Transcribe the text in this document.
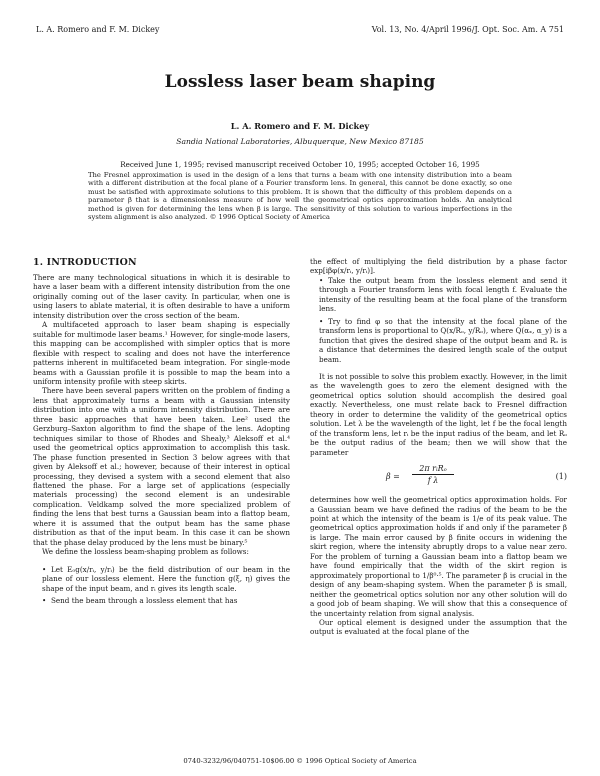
L. A. Romero and F. M. Dickey	Vol. 13, No. 4/April 1996/J. Opt. Soc. Am. A 751
Lossless laser beam shaping
L. A. Romero and F. M. Dickey
Sandia National Laboratories, Albuquerque, New Mexico 87185
Received June 1, 1995; revised manuscript received October 10, 1995; accepted October 16, 1995
The Fresnel approximation is used in the design of a lens that turns a beam with one intensity distribution into a beam with a different distribution at the focal plane of a Fourier transform lens. In general, this cannot be done exactly, so one must be satisfied with approximate solutions to this problem. It is shown that the difficulty of this problem depends on a parameter β that is a dimensionless measure of how well the geometrical optics approximation holds. An analytical method is given for determining the lens when β is large. The sensitivity of this solution to various imperfections in the system alignment is also analyzed. © 1996 Optical Society of America
1. INTRODUCTION

There are many technological situations in which it is desirable to have a laser beam with a different intensity distribution from the one originally coming out of the laser cavity. In particular, when one is using lasers to ablate material, it is often desirable to have a uniform intensity distribution over the cross section of the beam.

A multifaceted approach to laser beam shaping is especially suitable for multimode laser beams.¹ However, for single-mode lasers, this mapping can be accomplished with simpler optics that is more flexible with respect to scaling and does not have the interference patterns inherent in multifaceted beam integration. For single-mode beams with a Gaussian profile it is possible to map the beam into a uniform intensity profile with steep skirts.

There have been several papers written on the problem of finding a lens that approximately turns a beam with a Gaussian intensity distribution into one with a uniform intensity distribution. There are three basic approaches that have been taken. Lee² used the Gerzburg–Saxton algorithm to find the shape of the lens. Adopting techniques similar to those of Rhodes and Shealy,³ Aleksoff et al.⁴ used the geometrical optics approximation to accomplish this task. The phase function presented in Section 3 below agrees with that given by Aleksoff et al.; however, because of their interest in optical processing, they devised a system with a second element that also flattened the phase. For a large set of applications (especially materials processing) the second element is an undesirable complication. Veldkamp solved the more specialized problem of finding the lens that best turns a Gaussian beam into a flattop beam, where it is assumed that the output beam has the same phase distribution as that of the input beam. In this case it can be shown that the phase delay produced by the lens must be binary.⁵

We define the lossless beam-shaping problem as follows:

• Let E₀g(x/rᵢ, y/rᵢ) be the field distribution of our beam in the plane of our lossless element. Here the function g(ξ, η) gives the shape of the input beam, and rᵢ gives its length scale.
• Send the beam through a lossless element that has

the effect of multiplying the field distribution by a phase factor exp[iβφ(x/rᵢ, y/rᵢ)].

• Take the output beam from the lossless element and send it through a Fourier transform lens with focal length f. Evaluate the intensity of the resulting beam at the focal plane of the transform lens.
• Try to find φ so that the intensity at the focal plane of the transform lens is proportional to Q(x/Rₒ, y/Rₒ), where Q(αₓ, α_y) is a function that gives the desired shape of the output beam and Rₒ is a distance that determines the desired length scale of the output beam.

It is not possible to solve this problem exactly. However, in the limit as the wavelength goes to zero the element designed with the geometrical optics solution should accomplish the desired goal exactly. Nevertheless, one must relate back to Fresnel diffraction theory in order to determine the validity of the geometrical optics solution. Let λ be the wavelength of the light, let f be the focal length of the transform lens, let rᵢ be the input radius of the beam, and let Rₒ be the output radius of the beam; then we will show that the parameter

β =
2π rᵢRₒ
f λ	(1)

determines how well the geometrical optics approximation holds. For a Gaussian beam we have defined the radius of the beam to be the point at which the intensity of the beam is 1/e of its peak value. The geometrical optics approximation holds if and only if the parameter β is large. The main error caused by β finite occurs in widening the skirt region, where the intensity abruptly drops to a value near zero. For the problem of turning a Gaussian beam into a flattop beam we have found empirically that the width of the skirt region is approximately proportional to 1/β⁰·⁵. The parameter β is crucial in the design of any beam-shaping system. When the parameter β is small, neither the geometrical optics solution nor any other solution will do a good job of beam shaping. We will show that this a consequence of the uncertainty relation from signal analysis.

Our optical element is designed under the assumption that the output is evaluated at the focal plane of the

0740-3232/96/040751-10$06.00 © 1996 Optical Society of America
